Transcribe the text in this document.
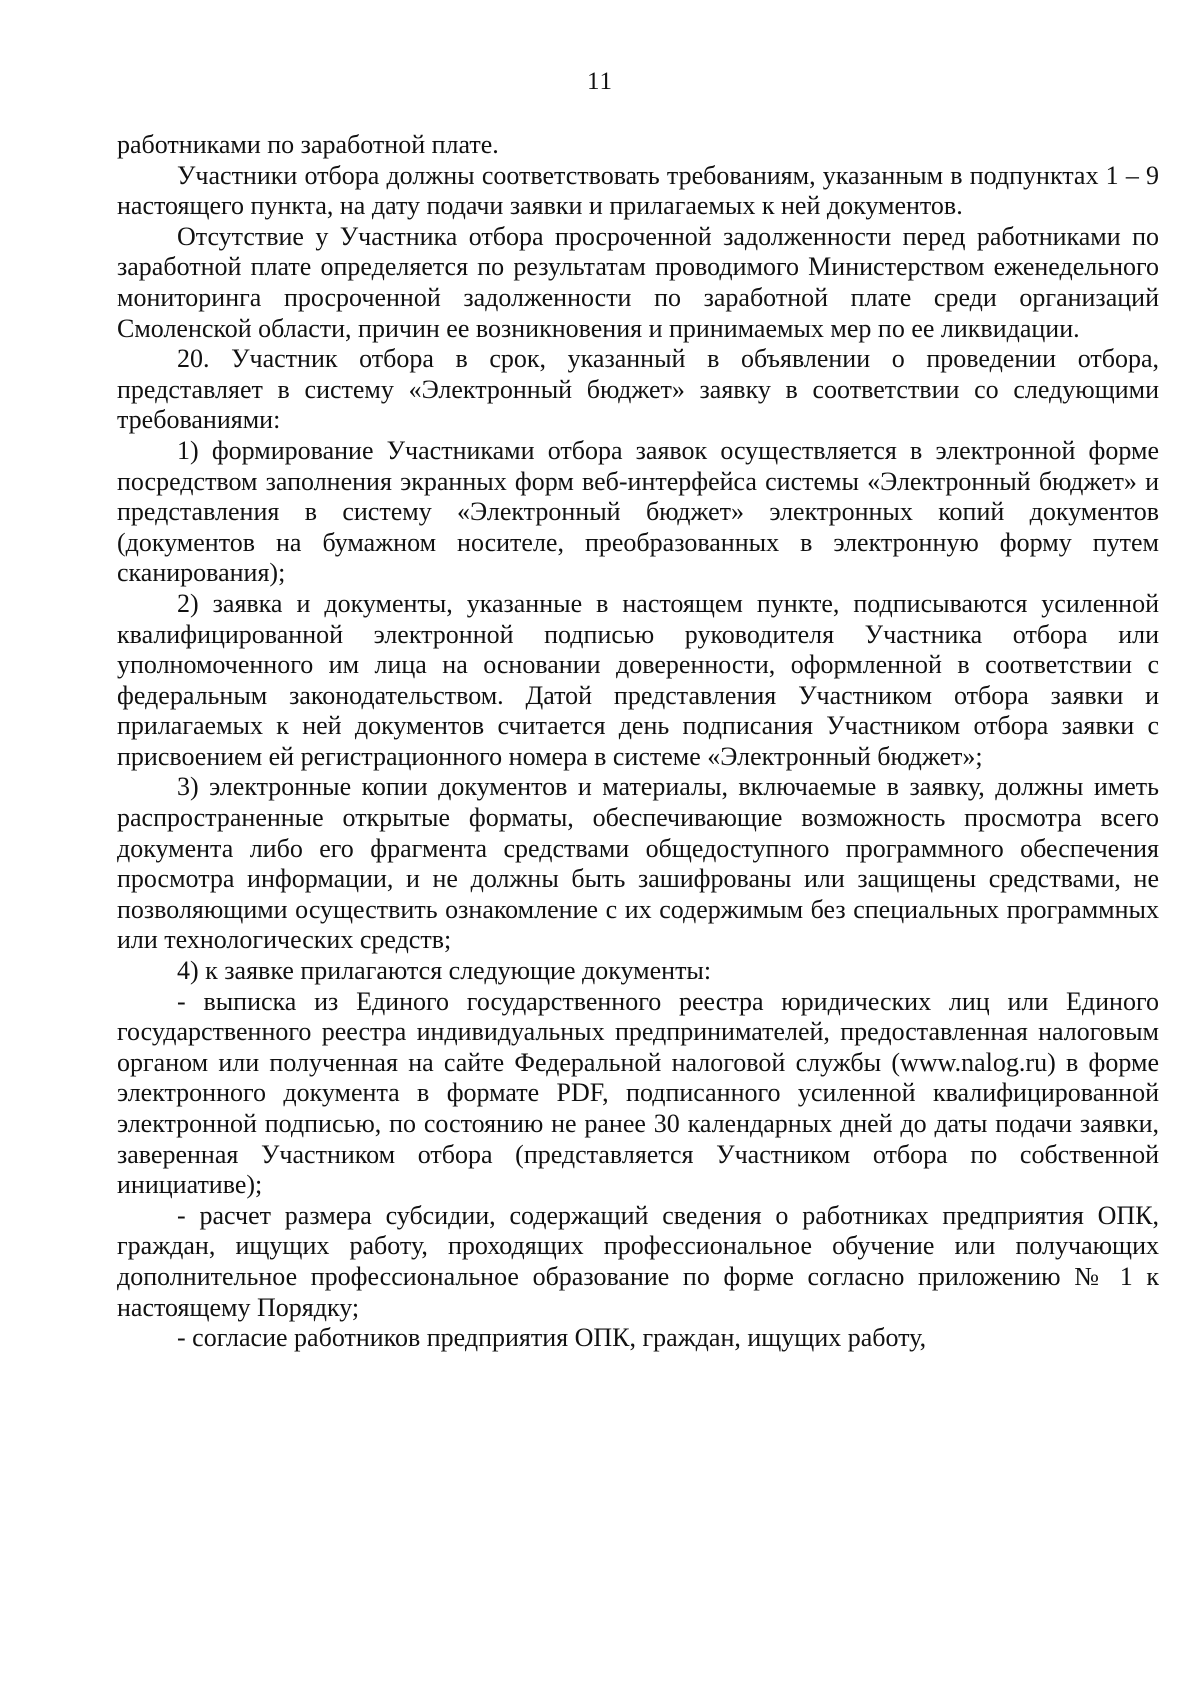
11

работниками по заработной плате.

Участники отбора должны соответствовать требованиям, указанным в подпунктах 1 – 9 настоящего пункта, на дату подачи заявки и прилагаемых к ней документов.

Отсутствие у Участника отбора просроченной задолженности перед работниками по заработной плате определяется по результатам проводимого Министерством еженедельного мониторинга просроченной задолженности по заработной плате среди организаций Смоленской области, причин ее возникновения и принимаемых мер по ее ликвидации.

20. Участник отбора в срок, указанный в объявлении о проведении отбора, представляет в систему «Электронный бюджет» заявку в соответствии со следующими требованиями:

1) формирование Участниками отбора заявок осуществляется в электронной форме посредством заполнения экранных форм веб-интерфейса системы «Электронный бюджет» и представления в систему «Электронный бюджет» электронных копий документов (документов на бумажном носителе, преобразованных в электронную форму путем сканирования);

2) заявка и документы, указанные в настоящем пункте, подписываются усиленной квалифицированной электронной подписью руководителя Участника отбора или уполномоченного им лица на основании доверенности, оформленной в соответствии с федеральным законодательством. Датой представления Участником отбора заявки и прилагаемых к ней документов считается день подписания Участником отбора заявки с присвоением ей регистрационного номера в системе «Электронный бюджет»;

3) электронные копии документов и материалы, включаемые в заявку, должны иметь распространенные открытые форматы, обеспечивающие возможность просмотра всего документа либо его фрагмента средствами общедоступного программного обеспечения просмотра информации, и не должны быть зашифрованы или защищены средствами, не позволяющими осуществить ознакомление с их содержимым без специальных программных или технологических средств;

4) к заявке прилагаются следующие документы:

- выписка из Единого государственного реестра юридических лиц или Единого государственного реестра индивидуальных предпринимателей, предоставленная налоговым органом или полученная на сайте Федеральной налоговой службы (www.nalog.ru) в форме электронного документа в формате PDF, подписанного усиленной квалифицированной электронной подписью, по состоянию не ранее 30 календарных дней до даты подачи заявки, заверенная Участником отбора (представляется Участником отбора по собственной инициативе);

- расчет размера субсидии, содержащий сведения о работниках предприятия ОПК, граждан, ищущих работу, проходящих профессиональное обучение или получающих дополнительное профессиональное образование по форме согласно приложению № 1 к настоящему Порядку;

- согласие работников предприятия ОПК, граждан, ищущих работу,
